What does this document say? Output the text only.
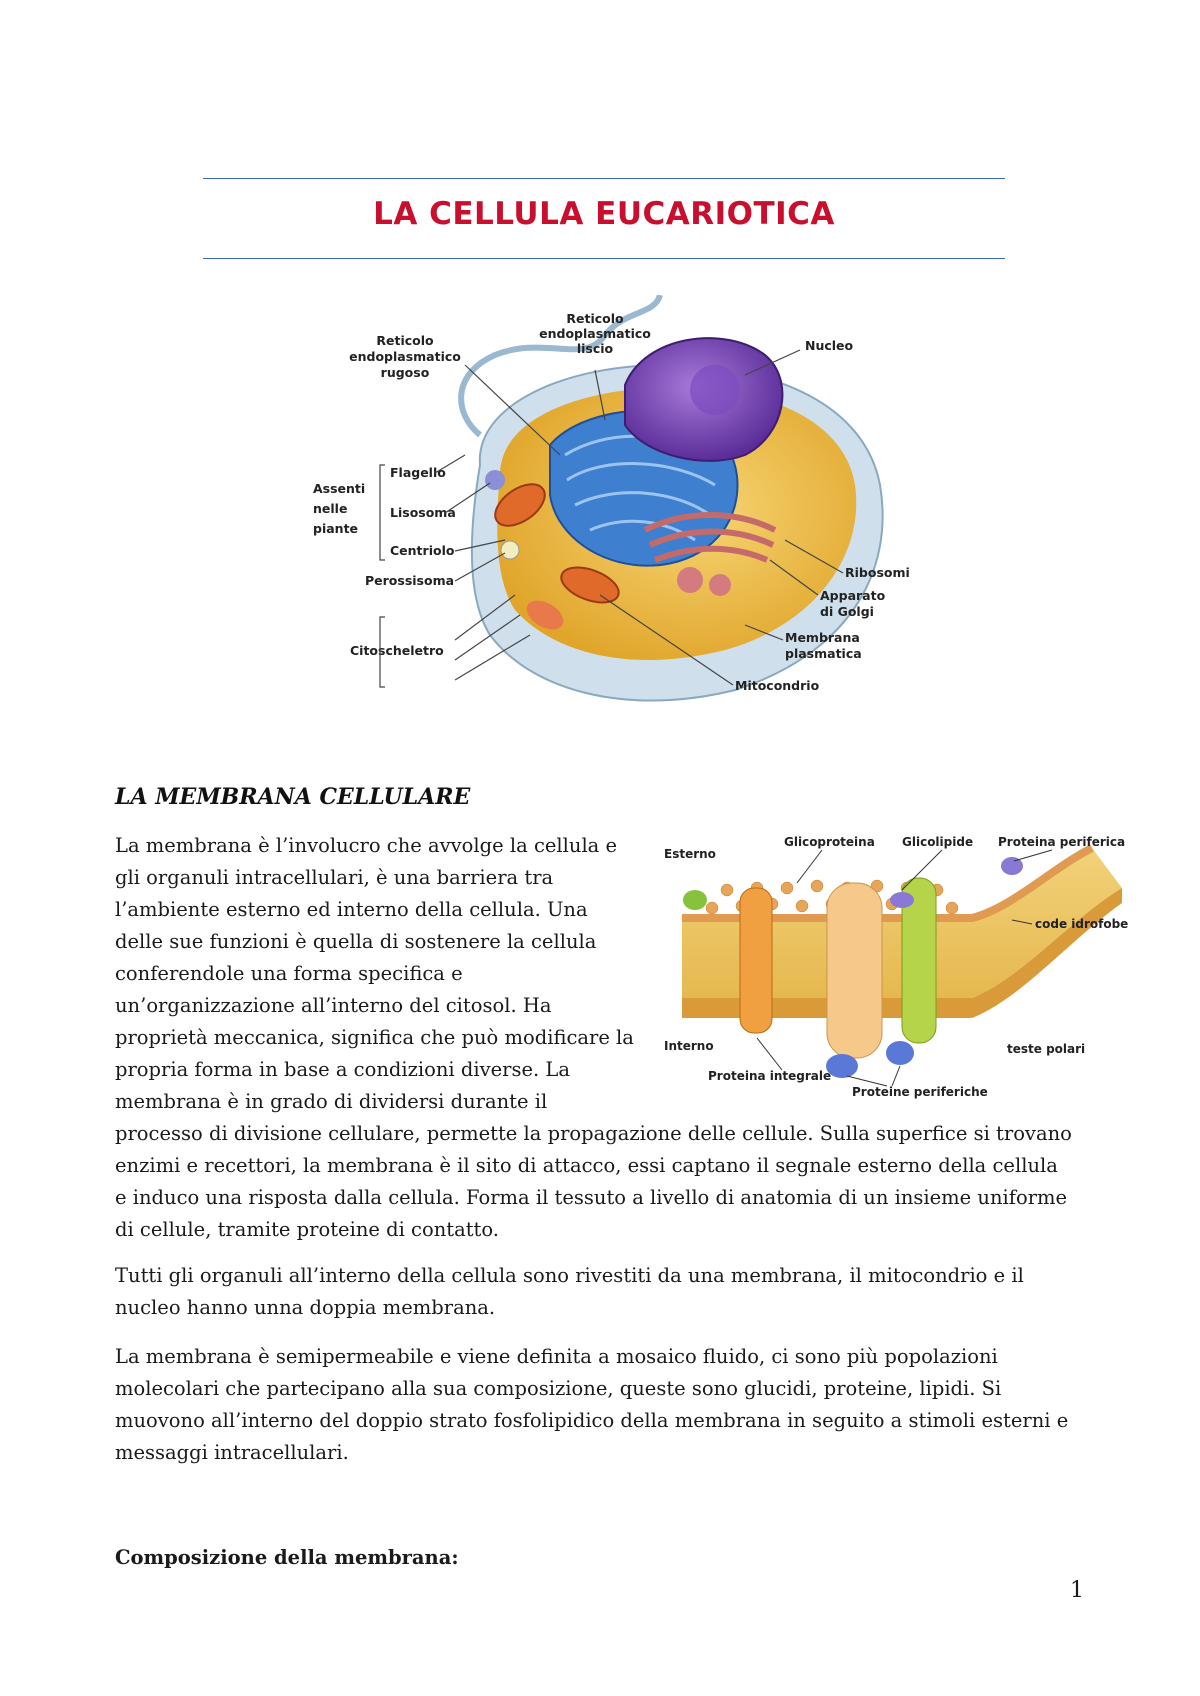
LA CELLULA EUCARIOTICA
Reticolo endoplasmatico rugoso
Reticolo endoplasmatico liscio	Nucleo
Assenti nelle piante
Flagello
Lisosoma
Centriolo
Perossisoma
Citoscheletro
Ribosomi
Apparato di Golgi
Membrana plasmatica
Mitocondrio
LA MEMBRANA CELLULARE

La membrana è l’involucro che avvolge la cellula e gli organuli intracellulari, è una barriera tra l’ambiente esterno ed interno della cellula. Una delle sue funzioni è quella di sostenere la cellula conferendole una forma specifica e un’organizzazione all’interno del citosol. Ha proprietà meccanica, significa che può modificare la propria forma in base a condizioni diverse. La membrana è in grado di dividersi durante il

Esterno
Interno
Glicoproteina Glicolipide Proteina periferica
code idrofobe
teste polari
Proteina integrale
Proteine periferiche

processo di divisione cellulare, permette la propagazione delle cellule. Sulla superfice si trovano enzimi e recettori, la membrana è il sito di attacco, essi captano il segnale esterno della cellula e induco una risposta dalla cellula. Forma il tessuto a livello di anatomia di un insieme uniforme di cellule, tramite proteine di contatto.

Tutti gli organuli all’interno della cellula sono rivestiti da una membrana, il mitocondrio e il nucleo hanno unna doppia membrana.

La membrana è semipermeabile e viene definita a mosaico fluido, ci sono più popolazioni molecolari che partecipano alla sua composizione, queste sono glucidi, proteine, lipidi. Si muovono all’interno del doppio strato fosfolipidico della membrana in seguito a stimoli esterni e messaggi intracellulari.

Composizione della membrana:
1
